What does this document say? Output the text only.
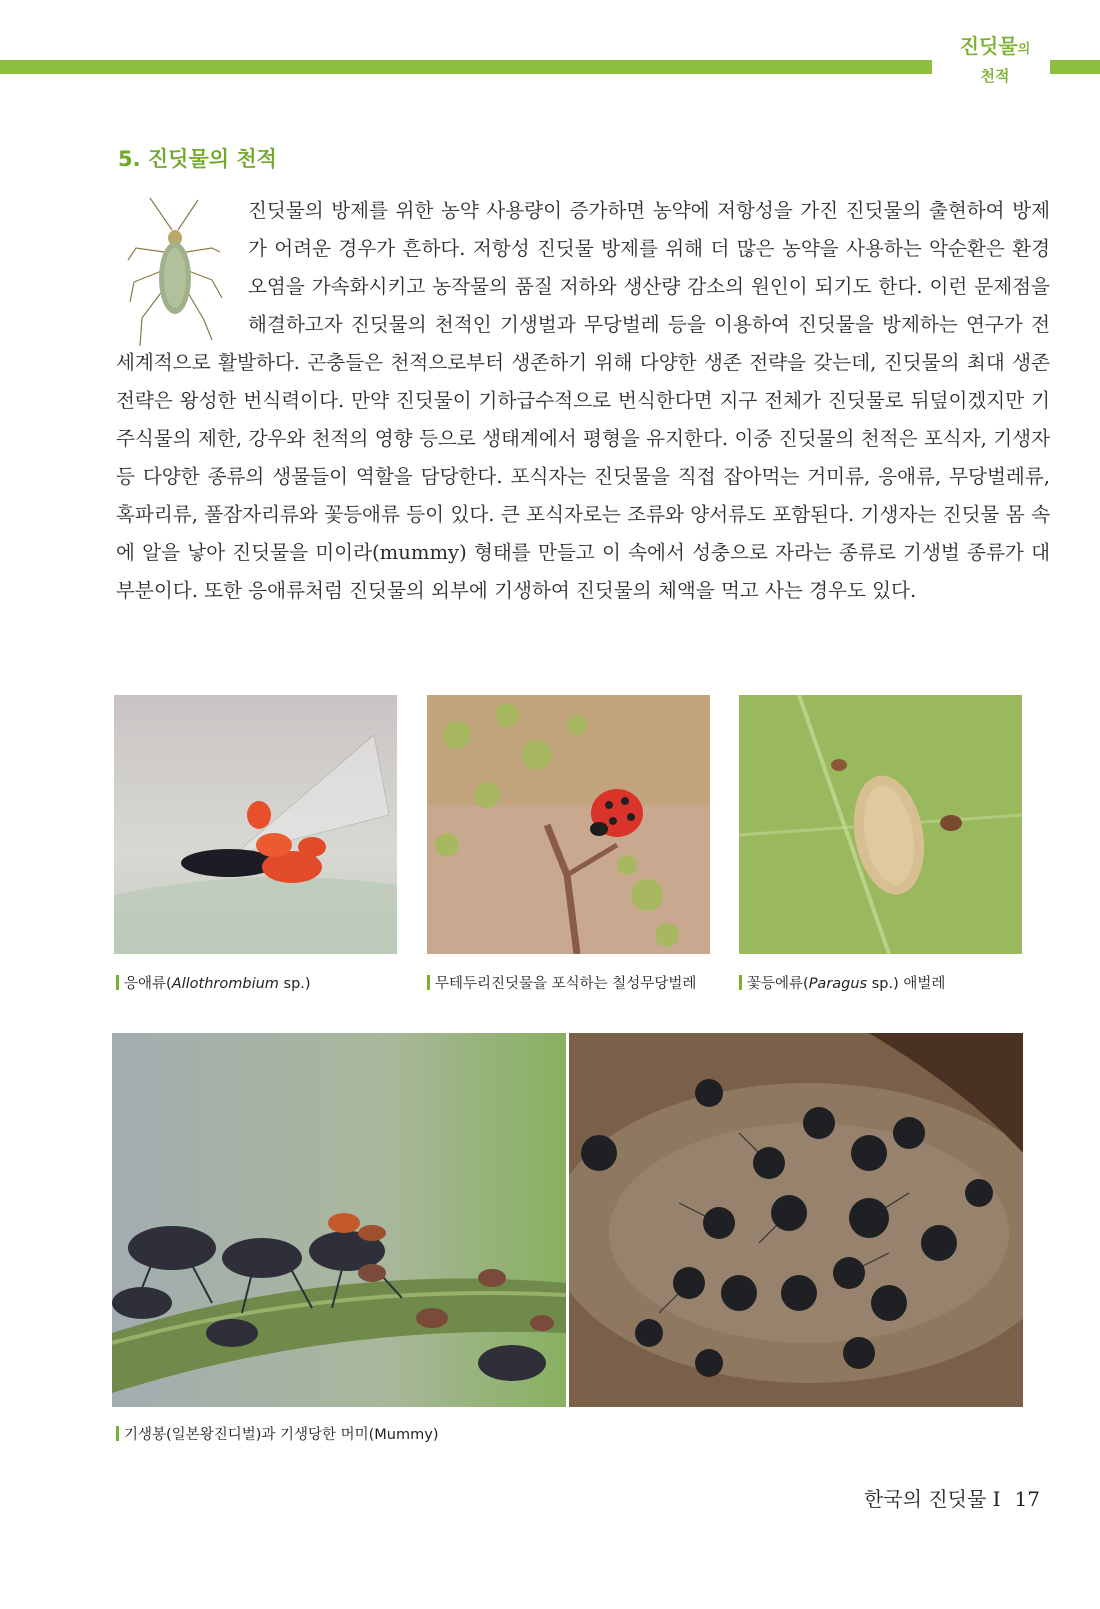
진딧물의
천적
5. 진딧물의 천적

진딧물의 방제를 위한 농약 사용량이 증가하면 농약에 저항성을 가진 진딧물의 출현하여 방제가 어려운 경우가 흔하다. 저항성 진딧물 방제를 위해 더 많은 농약을 사용하는 악순환은 환경오염을 가속화시키고 농작물의 품질 저하와 생산량 감소의 원인이 되기도 한다. 이런 문제점을 해결하고자 진딧물의 천적인 기생벌과 무당벌레 등을 이용하여 진딧물을 방제하는 연구가 전 세계적으로 활발하다. 곤충들은 천적으로부터 생존하기 위해 다양한 생존 전략을 갖는데, 진딧물의 최대 생존 전략은 왕성한 번식력이다. 만약 진딧물이 기하급수적으로 번식한다면 지구 전체가 진딧물로 뒤덮이겠지만 기주식물의 제한, 강우와 천적의 영향 등으로 생태계에서 평형을 유지한다. 이중 진딧물의 천적은 포식자, 기생자 등 다양한 종류의 생물들이 역할을 담당한다. 포식자는 진딧물을 직접 잡아먹는 거미류, 응애류, 무당벌레류, 혹파리류, 풀잠자리류와 꽃등애류 등이 있다. 큰 포식자로는 조류와 양서류도 포함된다. 기생자는 진딧물 몸 속에 알을 낳아 진딧물을 미이라(mummy) 형태를 만들고 이 속에서 성충으로 자라는 종류로 기생벌 종류가 대부분이다. 또한 응애류처럼 진딧물의 외부에 기생하여 진딧물의 체액을 먹고 사는 경우도 있다.

응애류(Allothrombium sp.)	무테두리진딧물을 포식하는 칠성무당벌레	꽃등에류(Paragus sp.) 애벌레
기생봉(일본왕진디벌)과 기생당한 머미(Mummy)
한국의 진딧물 I 17
